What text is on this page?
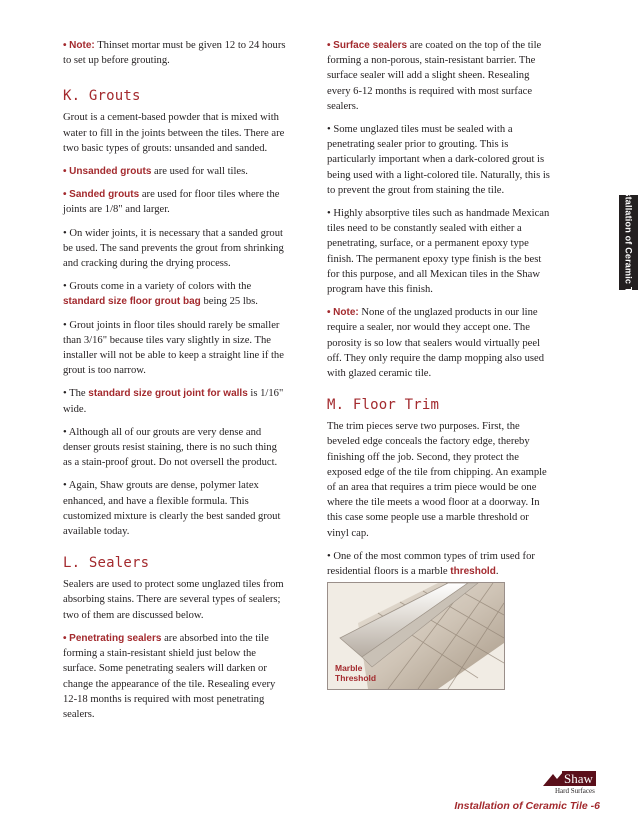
• Note: Thinset mortar must be given 12 to 24 hours to set up before grouting.

K. Grouts

Grout is a cement-based powder that is mixed with water to fill in the joints between the tiles. There are two basic types of grouts: unsanded and sanded.

• Unsanded grouts are used for wall tiles.

• Sanded grouts are used for floor tiles where the joints are 1/8" and larger.

• On wider joints, it is necessary that a sanded grout be used. The sand prevents the grout from shrinking and cracking during the drying process.

• Grouts come in a variety of colors with the standard size floor grout bag being 25 lbs.

• Grout joints in floor tiles should rarely be smaller than 3/16" because tiles vary slightly in size. The installer will not be able to keep a straight line if the grout is too narrow.

• The standard size grout joint for walls is 1/16" wide.

• Although all of our grouts are very dense and denser grouts resist staining, there is no such thing as a stain-proof grout. Do not oversell the product.

• Again, Shaw grouts are dense, polymer latex enhanced, and have a flexible formula. This customized mixture is clearly the best sanded grout available today.

L. Sealers

Sealers are used to protect some unglazed tiles from absorbing stains. There are several types of sealers; two of them are discussed below.

• Penetrating sealers are absorbed into the tile forming a stain-resistant shield just below the surface. Some penetrating sealers will darken or change the appearance of the tile. Resealing every 12-18 months is required with most penetrating sealers.

• Surface sealers are coated on the top of the tile forming a non-porous, stain-resistant barrier. The surface sealer will add a slight sheen. Resealing every 6-12 months is required with most surface sealers.

• Some unglazed tiles must be sealed with a penetrating sealer prior to grouting. This is particularly important when a dark-colored grout is being used with a light-colored tile. Naturally, this is to prevent the grout from staining the tile.

• Highly absorptive tiles such as handmade Mexican tiles need to be constantly sealed with either a penetrating, surface, or a permanent epoxy type finish. The permanent epoxy type finish is the best for this purpose, and all Mexican tiles in the Shaw program have this finish.

• Note: None of the unglazed products in our line require a sealer, nor would they accept one. The porosity is so low that sealers would virtually peel off. They only require the damp mopping also used with glazed ceramic tile.

M. Floor Trim

The trim pieces serve two purposes. First, the beveled edge conceals the factory edge, thereby finishing off the job. Second, they protect the exposed edge of the tile from chipping. An example of an area that requires a trim piece would be one where the tile meets a wood floor at a doorway. In this case some people use a marble threshold or vinyl cap.

• One of the most common types of trim used for residential floors is a marble threshold.

Marble
Threshold
Installation of Ceramic Tile
Shaw
Hard Surfaces
Installation of Ceramic Tile -6
